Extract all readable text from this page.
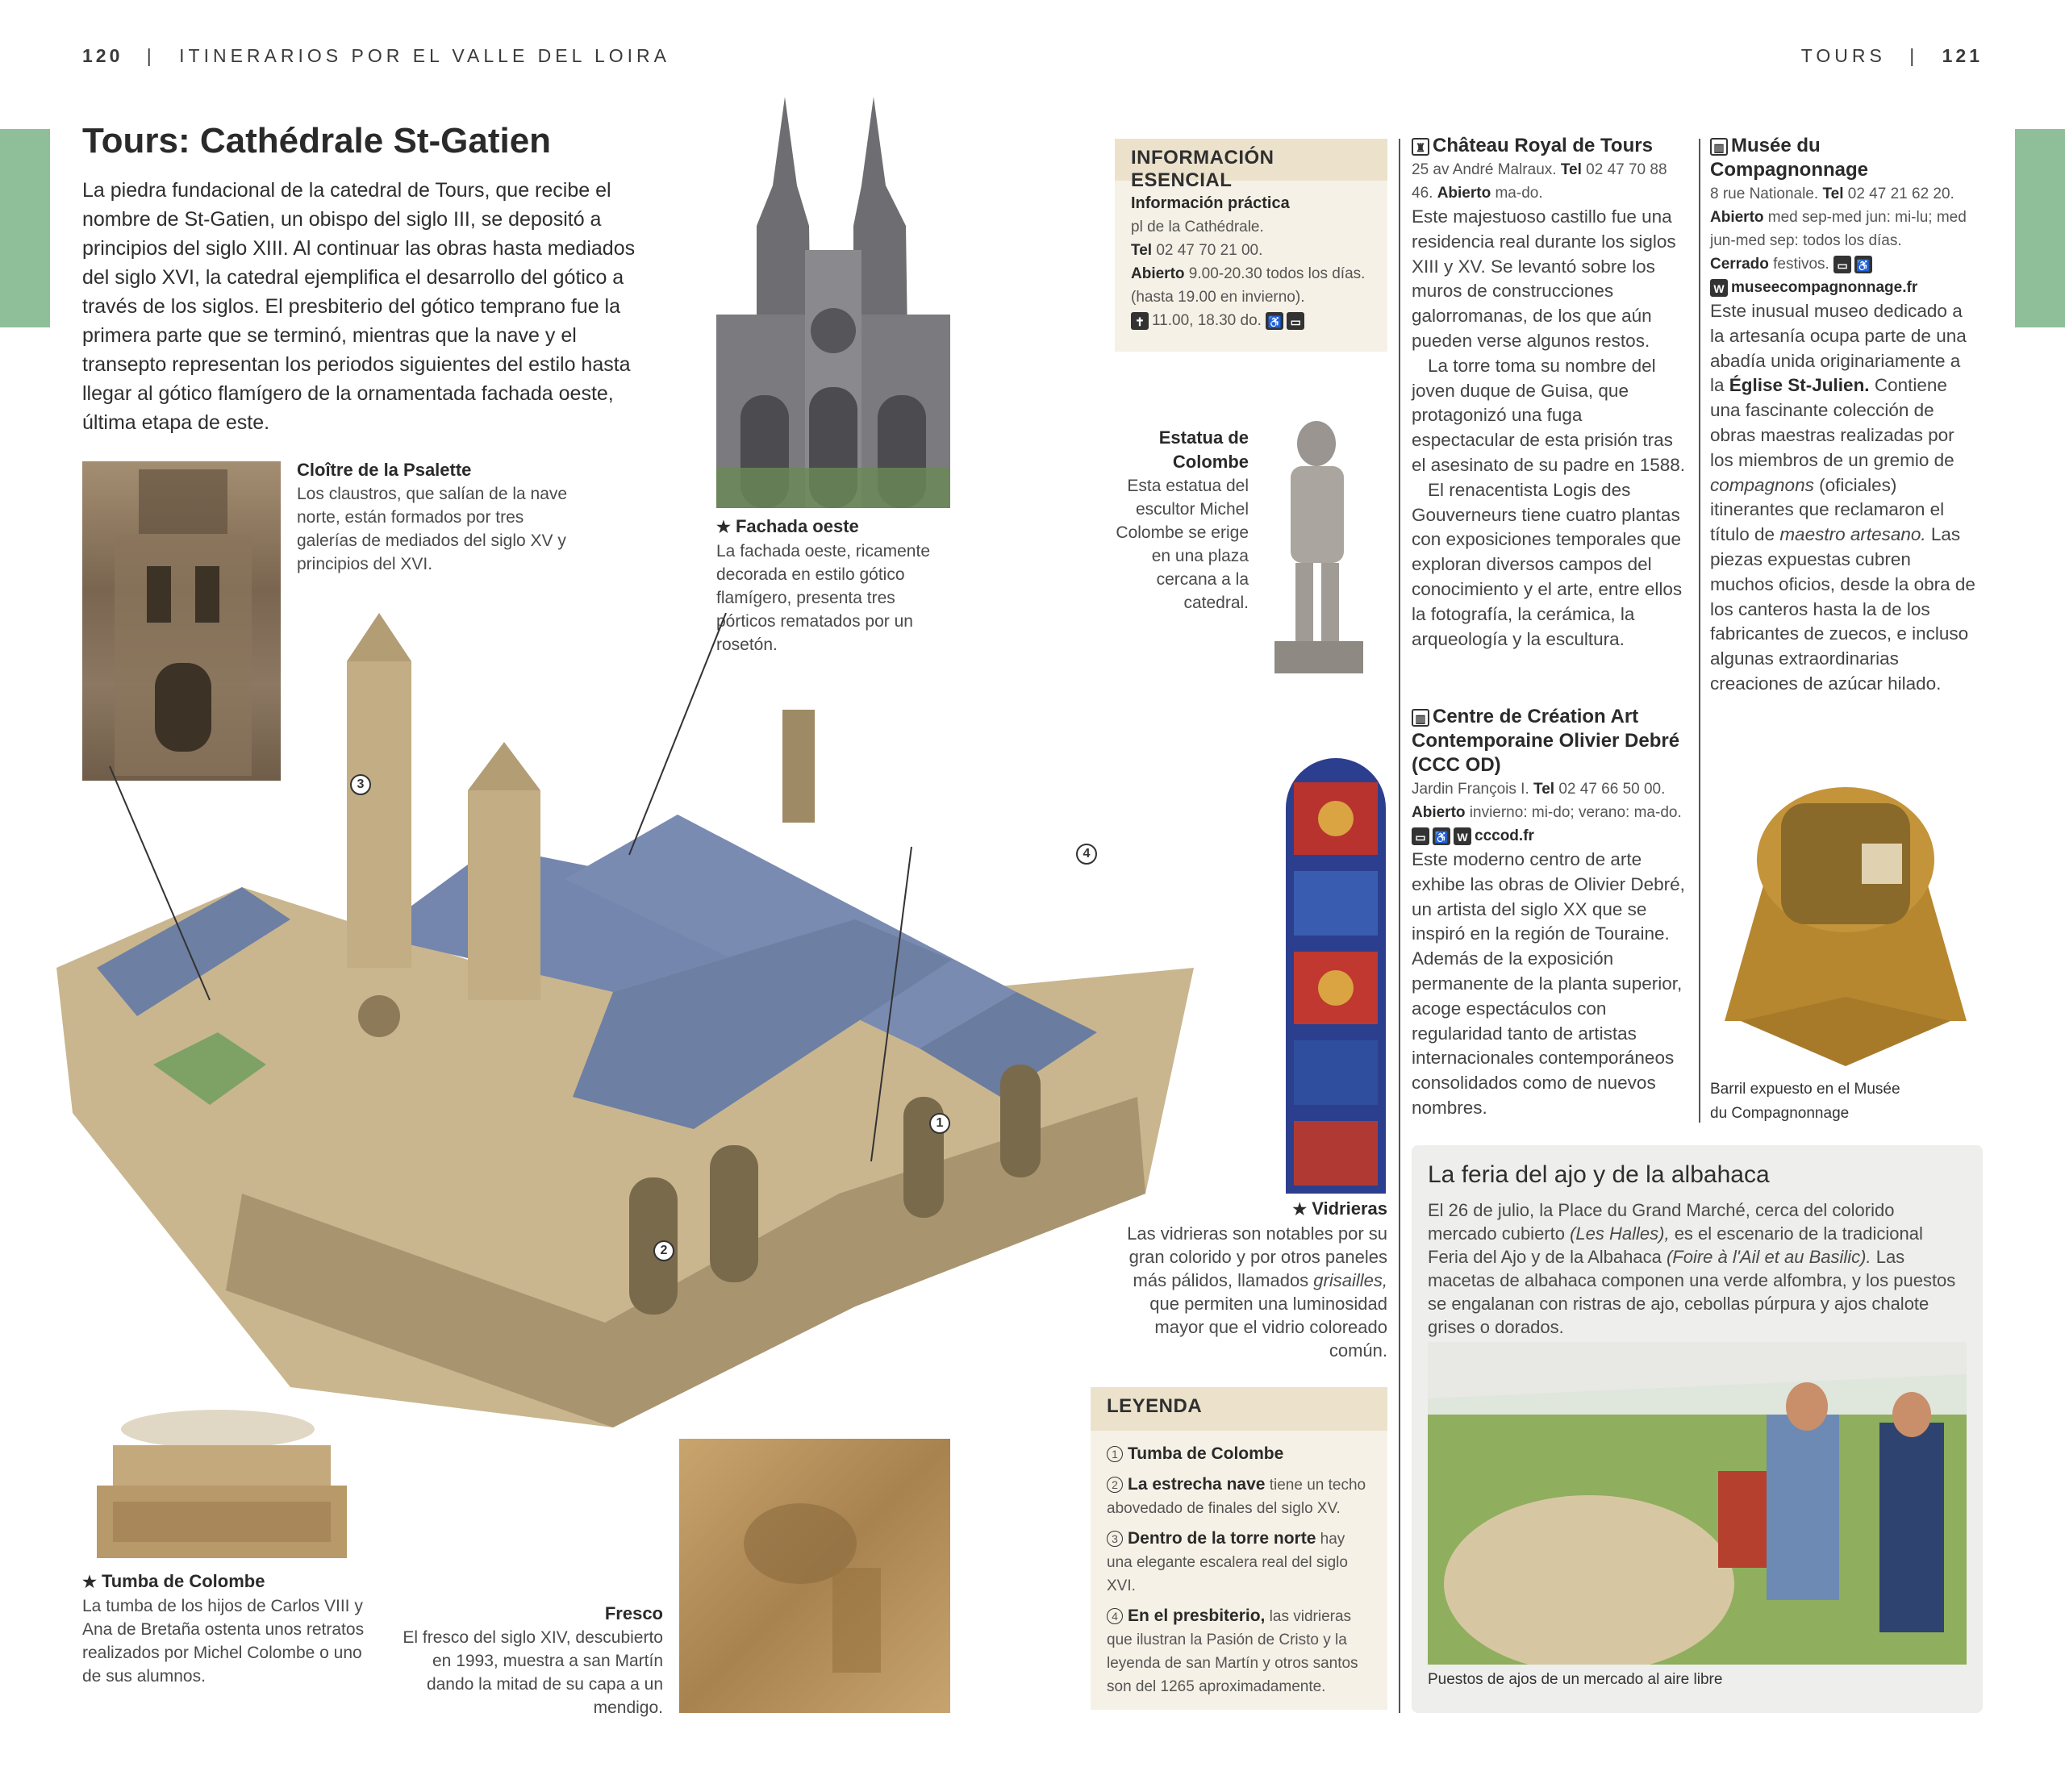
120 | ITINERARIOS POR EL VALLE DEL LOIRA	TOURS | 121
Tours: Cathédrale St-Gatien

La piedra fundacional de la catedral de Tours, que recibe el nombre de St-Gatien, un obispo del siglo III, se depositó a principios del siglo XIII. Al continuar las obras hasta mediados del siglo XVI, la catedral ejemplifica el desarrollo del gótico a través de los siglos. El presbiterio del gótico temprano fue la primera parte que se terminó, mientras que la nave y el transepto representan los periodos siguientes del estilo hasta llegar al gótico flamígero de la ornamentada fachada oeste, última etapa de este.

Cloître de la Psalette
Los claustros, que salían de la nave norte, están formados por tres galerías de mediados del siglo XV y principios del XVI.
★ Fachada oeste
La fachada oeste, ricamente decorada en estilo gótico flamígero, presenta tres pórticos rematados por un rosetón.
Estatua de Colombe
Esta estatua del escultor Michel Colombe se erige en una plaza cercana a la catedral.
★ Vidrieras
Las vidrieras son notables por su gran colorido y por otros paneles más pálidos, llamados grisailles, que permiten una luminosidad mayor que el vidrio coloreado común.
3
4
1
2
★ Tumba de Colombe
La tumba de los hijos de Carlos VIII y Ana de Bretaña ostenta unos retratos realizados por Michel Colombe o uno de sus alumnos.
Fresco
El fresco del siglo XIV, descubierto en 1993, muestra a san Martín dando la mitad de su capa a un mendigo.
INFORMACIÓN ESENCIAL
Información práctica
pl de la Cathédrale.
Tel 02 47 70 21 00.
Abierto 9.00-20.30 todos los días.
(hasta 19.00 en invierno).
✝ 11.00, 18.30 do. ♿ ▭
LEYENDA
1 Tumba de Colombe
2 La estrecha nave tiene un techo abovedado de finales del siglo XV.
3 Dentro de la torre norte hay una elegante escalera real del siglo XVI.
4 En el presbiterio, las vidrieras que ilustran la Pasión de Cristo y la leyenda de san Martín y otros santos son del 1265 aproximadamente.
♜ Château Royal de Tours
25 av André Malraux. Tel 02 47 70 88 46. Abierto ma-do.
Este majestuoso castillo fue una residencia real durante los siglos XIII y XV. Se levantó sobre los muros de construcciones galorromanas, de los que aún pueden verse algunos restos.
La torre toma su nombre del joven duque de Guisa, que protagonizó una fuga espectacular de esta prisión tras el asesinato de su padre en 1588.
El renacentista Logis des Gouverneurs tiene cuatro plantas con exposiciones temporales que exploran diversos campos del conocimiento y el arte, entre ellos la fotografía, la cerámica, la arqueología y la escultura.
▥ Centre de Création Art Contemporaine Olivier Debré (CCC OD)
Jardin François I. Tel 02 47 66 50 00.
Abierto invierno: mi-do; verano: ma-do.
▭ ♿ W cccod.fr
Este moderno centro de arte exhibe las obras de Olivier Debré, un artista del siglo XX que se inspiró en la región de Touraine. Además de la exposición permanente de la planta superior, acoge espectáculos con regularidad tanto de artistas internacionales contemporáneos consolidados como de nuevos nombres.
▥ Musée du Compagnonnage
8 rue Nationale. Tel 02 47 21 62 20.
Abierto med sep-med jun: mi-lu; med jun-med sep: todos los días.
Cerrado festivos. ▭ ♿
W museecompagnonnage.fr
Este inusual museo dedicado a la artesanía ocupa parte de una abadía unida originariamente a la Église St-Julien. Contiene una fascinante colección de obras maestras realizadas por los miembros de un gremio de compagnons (oficiales) itinerantes que reclamaron el título de maestro artesano. Las piezas expuestas cubren muchos oficios, desde la obra de los canteros hasta la de los fabricantes de zuecos, e incluso algunas extraordinarias creaciones de azúcar hilado.
Barril expuesto en el Musée du Compagnonnage
La feria del ajo y de la albahaca
El 26 de julio, la Place du Grand Marché, cerca del colorido mercado cubierto (Les Halles), es el escenario de la tradicional Feria del Ajo y de la Albahaca (Foire à l'Ail et au Basilic). Las macetas de albahaca componen una verde alfombra, y los puestos se engalanan con ristras de ajo, cebollas púrpura y ajos chalote grises o dorados.
Puestos de ajos de un mercado al aire libre
